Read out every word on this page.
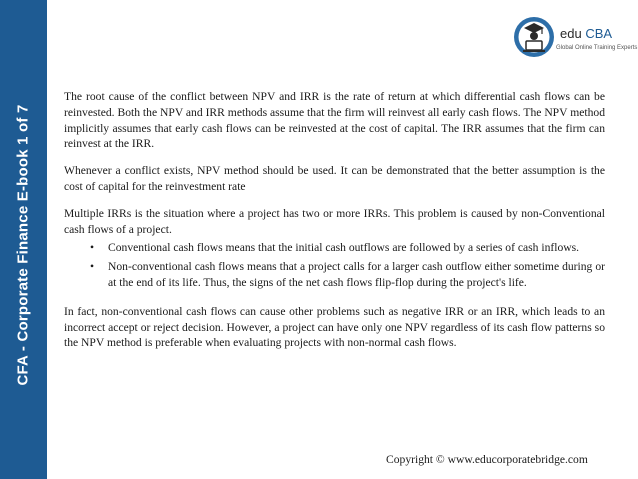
CFA - Corporate Finance E-book 1 of 7
edu CBA
Global Online Training Experts

The root cause of the conflict between NPV and IRR is the rate of return at which differential cash flows can be reinvested. Both the NPV and IRR methods assume that the firm will reinvest all early cash flows. The NPV method implicitly assumes that early cash flows can be reinvested at the cost of capital. The IRR assumes that the firm can reinvest at the IRR.

Whenever a conflict exists, NPV method should be used. It can be demonstrated that the better assumption is the cost of capital for the reinvestment rate

Multiple IRRs is the situation where a project has two or more IRRs. This problem is caused by non-Conventional cash flows of a project.

• Conventional cash flows means that the initial cash outflows are followed by a series of cash inflows.
• Non-conventional cash flows means that a project calls for a larger cash outflow either sometime during or at the end of its life. Thus, the signs of the net cash flows flip-flop during the project's life.

In fact, non-conventional cash flows can cause other problems such as negative IRR or an IRR, which leads to an incorrect accept or reject decision. However, a project can have only one NPV regardless of its cash flow patterns so the NPV method is preferable when evaluating projects with non-normal cash flows.

Copyright © www.educorporatebridge.com
